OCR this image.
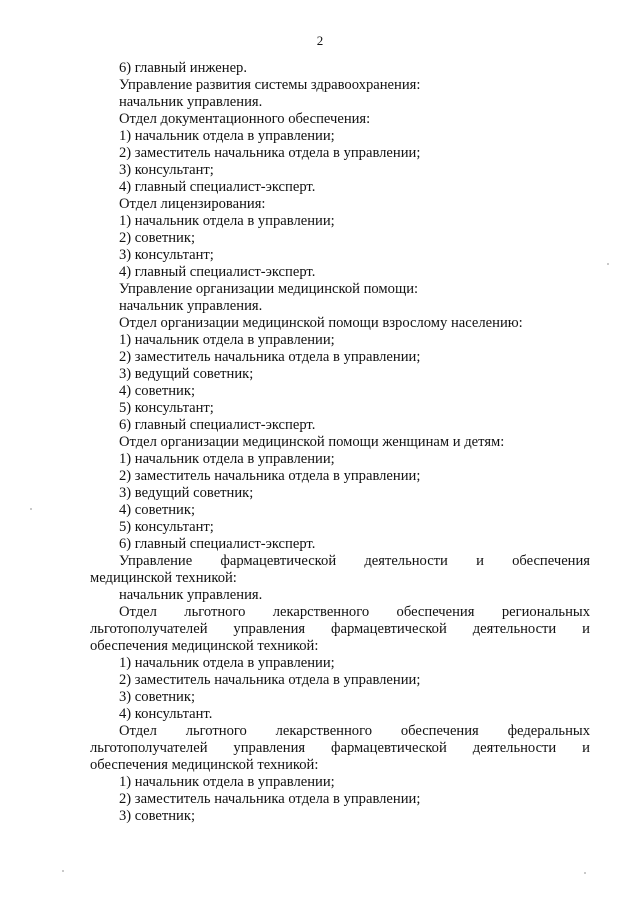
2

6) главный инженер.

Управление развития системы здравоохранения:

начальник управления.

Отдел документационного обеспечения:

1) начальник отдела в управлении;

2) заместитель начальника отдела в управлении;

3) консультант;

4) главный специалист-эксперт.

Отдел лицензирования:

1) начальник отдела в управлении;

2) советник;

3) консультант;

4) главный специалист-эксперт.

Управление организации медицинской помощи:

начальник управления.

Отдел организации медицинской помощи взрослому населению:

1) начальник отдела в управлении;

2) заместитель начальника отдела в управлении;

3) ведущий советник;

4) советник;

5) консультант;

6) главный специалист-эксперт.

Отдел организации медицинской помощи женщинам и детям:

1) начальник отдела в управлении;

2) заместитель начальника отдела в управлении;

3) ведущий советник;

4) советник;

5) консультант;

6) главный специалист-эксперт.

Управление фармацевтической деятельности и обеспечения
медицинской техникой:

начальник управления.

Отдел льготного лекарственного обеспечения региональных
льготополучателей управления фармацевтической деятельности и
обеспечения медицинской техникой:

1) начальник отдела в управлении;

2) заместитель начальника отдела в управлении;

3) советник;

4) консультант.

Отдел льготного лекарственного обеспечения федеральных
льготополучателей управления фармацевтической деятельности и
обеспечения медицинской техникой:

1) начальник отдела в управлении;

2) заместитель начальника отдела в управлении;

3) советник;
